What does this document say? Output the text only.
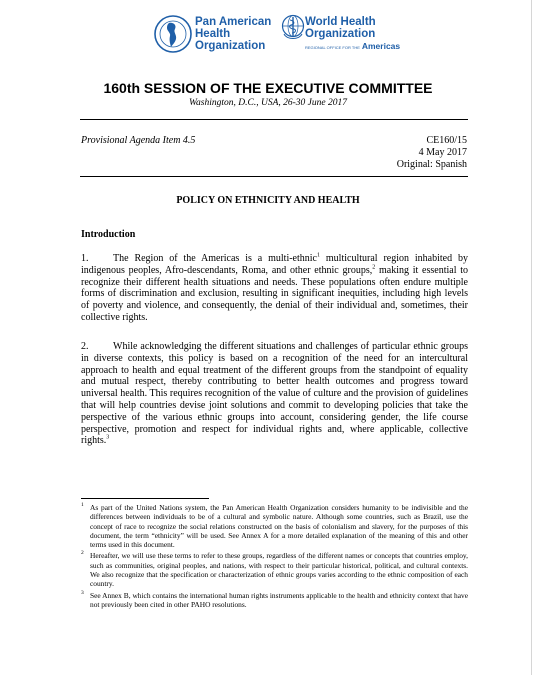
Pan American
Health
Organization
World Health
Organization
REGIONAL OFFICE FOR THE Americas
160th SESSION OF THE EXECUTIVE COMMITTEE
Washington, D.C., USA, 26-30 June 2017
Provisional Agenda Item 4.5	CE160/15
4 May 2017
Original: Spanish
POLICY ON ETHNICITY AND HEALTH
Introduction

1. The Region of the Americas is a multi-ethnic$^1$ multicultural region inhabited by indigenous peoples, Afro-descendants, Roma, and other ethnic groups,$^2$ making it essential to recognize their different health situations and needs. These populations often endure multiple forms of discrimination and exclusion, resulting in significant inequities, including high levels of poverty and violence, and consequently, the denial of their individual and, sometimes, their collective rights.

2. While acknowledging the different situations and challenges of particular ethnic groups in diverse contexts, this policy is based on a recognition of the need for an intercultural approach to health and equal treatment of the different groups from the standpoint of equality and mutual respect, thereby contributing to better health outcomes and progress toward universal health. This requires recognition of the value of culture and the provision of guidelines that will help countries devise joint solutions and commit to developing policies that take the perspective of the various ethnic groups into account, considering gender, the life course perspective, promotion and respect for individual rights and, where applicable, collective rights.$^3$

1 As part of the United Nations system, the Pan American Health Organization considers humanity to be indivisible and the differences between individuals to be of a cultural and symbolic nature. Although some countries, such as Brazil, use the concept of race to recognize the social relations constructed on the basis of colonialism and slavery, for the purposes of this document, the term “ethnicity” will be used. See Annex A for a more detailed explanation of the meaning of this and other terms used in this document.

2 Hereafter, we will use these terms to refer to these groups, regardless of the different names or concepts that countries employ, such as communities, original peoples, and nations, with respect to their particular historical, political, and cultural contexts. We also recognize that the specification or characterization of ethnic groups varies according to the ethnic composition of each country.

3 See Annex B, which contains the international human rights instruments applicable to the health and ethnicity context that have not previously been cited in other PAHO resolutions.
